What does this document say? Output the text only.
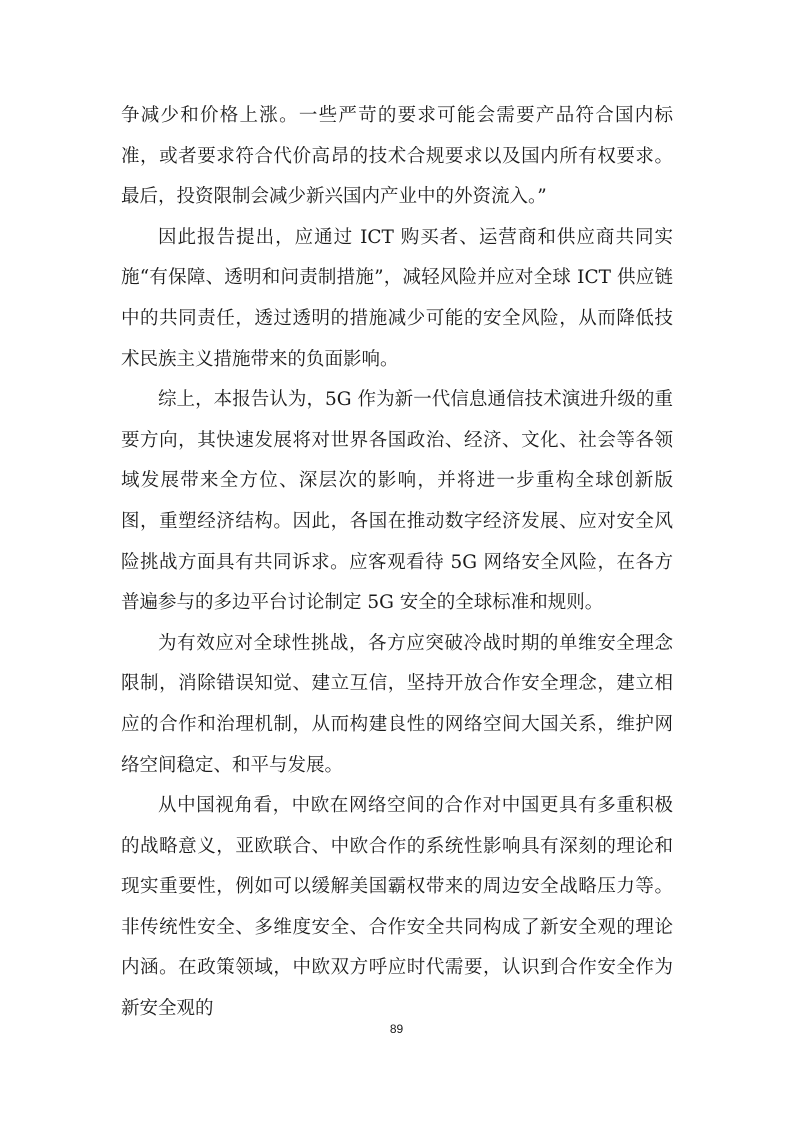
争减少和价格上涨。一些严苛的要求可能会需要产品符合国内标准，或者要求符合代价高昂的技术合规要求以及国内所有权要求。最后，投资限制会减少新兴国内产业中的外资流入。”

因此报告提出，应通过 ICT 购买者、运营商和供应商共同实施“有保障、透明和问责制措施”，减轻风险并应对全球 ICT 供应链中的共同责任，透过透明的措施减少可能的安全风险，从而降低技术民族主义措施带来的负面影响。

综上，本报告认为，5G 作为新一代信息通信技术演进升级的重要方向，其快速发展将对世界各国政治、经济、文化、社会等各领域发展带来全方位、深层次的影响，并将进一步重构全球创新版图，重塑经济结构。因此，各国在推动数字经济发展、应对安全风险挑战方面具有共同诉求。应客观看待 5G 网络安全风险，在各方普遍参与的多边平台讨论制定 5G 安全的全球标准和规则。

为有效应对全球性挑战，各方应突破冷战时期的单维安全理念限制，消除错误知觉、建立互信，坚持开放合作安全理念，建立相应的合作和治理机制，从而构建良性的网络空间大国关系，维护网络空间稳定、和平与发展。

从中国视角看，中欧在网络空间的合作对中国更具有多重积极的战略意义，亚欧联合、中欧合作的系统性影响具有深刻的理论和现实重要性，例如可以缓解美国霸权带来的周边安全战略压力等。非传统性安全、多维度安全、合作安全共同构成了新安全观的理论内涵。在政策领域，中欧双方呼应时代需要，认识到合作安全作为新安全观的

89
